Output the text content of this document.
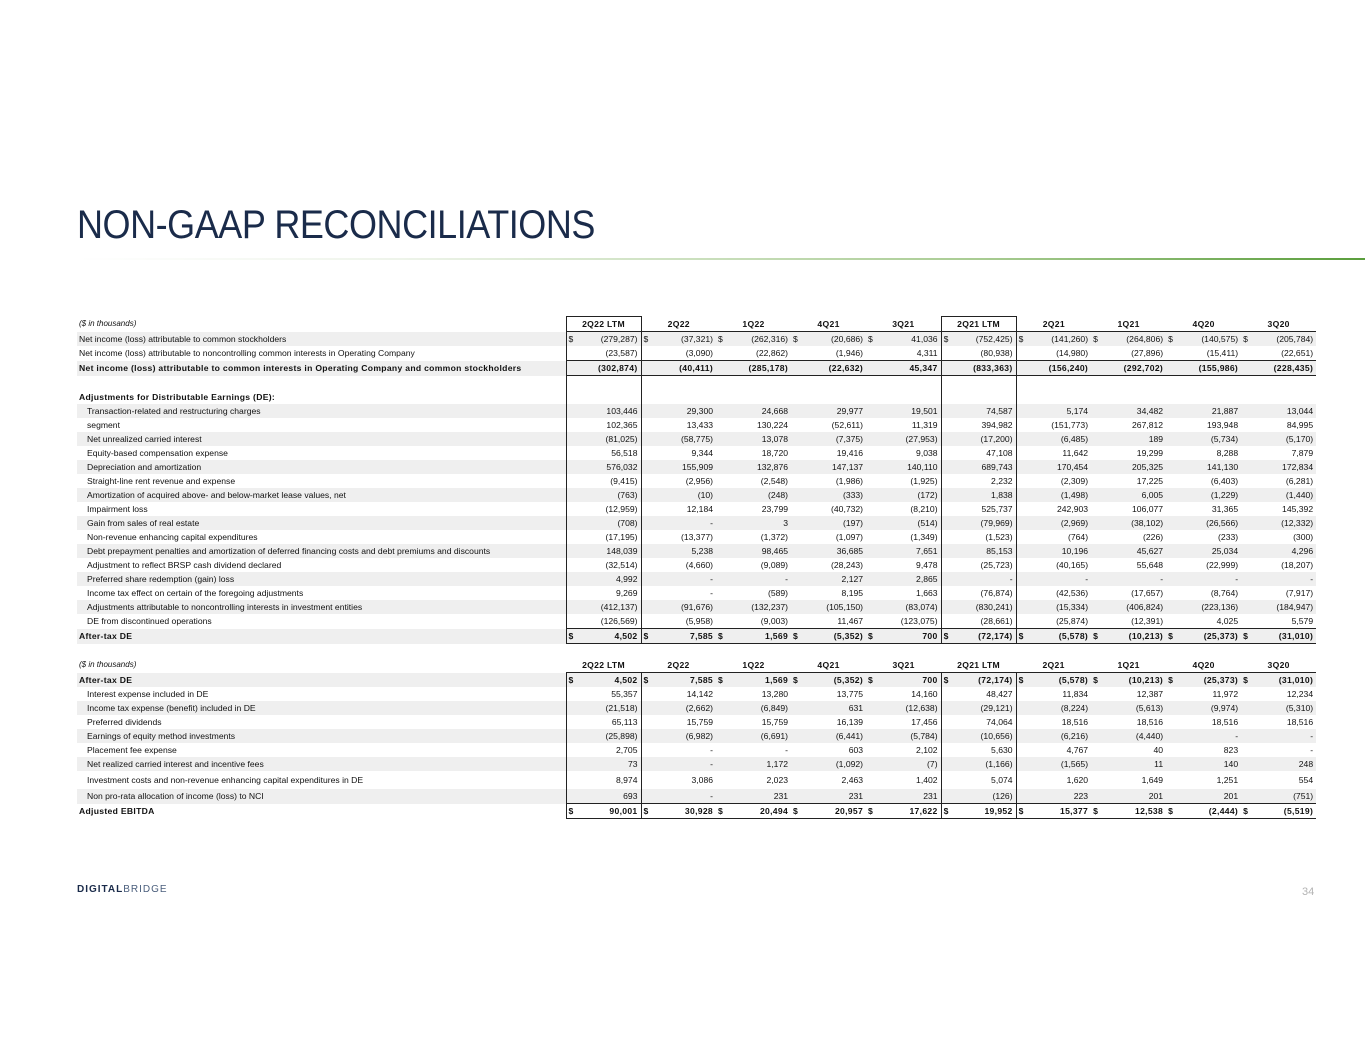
NON-GAAP RECONCILIATIONS
($ in thousands)	2Q22 LTM		2Q22		1Q22		4Q21		3Q21		2Q21 LTM		2Q21		1Q21		4Q20		3Q20	
Net income (loss) attributable to common stockholders	$	(279,287)	$	(37,321)	$	(262,316)	$	(20,686)	$	41,036	$	(752,425)	$	(141,260)	$	(264,806)	$	(140,575)	$	(205,784)
Net income (loss) attributable to noncontrolling common interests in Operating Company		(23,587)		(3,090)		(22,862)		(1,946)		4,311		(80,938)		(14,980)		(27,896)		(15,411)		(22,651)
Net income (loss) attributable to common interests in Operating Company and common stockholders		(302,874)		(40,411)		(285,178)		(22,632)		45,347		(833,363)		(156,240)		(292,702)		(155,986)		(228,435)

Adjustments for Distributable Earnings (DE):																				
Transaction-related and restructuring charges		103,446		29,300		24,668		29,977		19,501		74,587		5,174		34,482		21,887		13,044
segment		102,365		13,433		130,224		(52,611)		11,319		394,982		(151,773)		267,812		193,948		84,995
Net unrealized carried interest		(81,025)		(58,775)		13,078		(7,375)		(27,953)		(17,200)		(6,485)		189		(5,734)		(5,170)
Equity-based compensation expense		56,518		9,344		18,720		19,416		9,038		47,108		11,642		19,299		8,288		7,879
Depreciation and amortization		576,032		155,909		132,876		147,137		140,110		689,743		170,454		205,325		141,130		172,834
Straight-line rent revenue and expense		(9,415)		(2,956)		(2,548)		(1,986)		(1,925)		2,232		(2,309)		17,225		(6,403)		(6,281)
Amortization of acquired above- and below-market lease values, net		(763)		(10)		(248)		(333)		(172)		1,838		(1,498)		6,005		(1,229)		(1,440)
Impairment loss		(12,959)		12,184		23,799		(40,732)		(8,210)		525,737		242,903		106,077		31,365		145,392
Gain from sales of real estate		(708)		-		3		(197)		(514)		(79,969)		(2,969)		(38,102)		(26,566)		(12,332)
Non-revenue enhancing capital expenditures		(17,195)		(13,377)		(1,372)		(1,097)		(1,349)		(1,523)		(764)		(226)		(233)		(300)
Debt prepayment penalties and amortization of deferred financing costs and debt premiums and discounts		148,039		5,238		98,465		36,685		7,651		85,153		10,196		45,627		25,034		4,296
Adjustment to reflect BRSP cash dividend declared		(32,514)		(4,660)		(9,089)		(28,243)		9,478		(25,723)		(40,165)		55,648		(22,999)		(18,207)
Preferred share redemption (gain) loss		4,992		-		-		2,127		2,865		-		-		-		-		-
Income tax effect on certain of the foregoing adjustments		9,269		-		(589)		8,195		1,663		(76,874)		(42,536)		(17,657)		(8,764)		(7,917)
Adjustments attributable to noncontrolling interests in investment entities		(412,137)		(91,676)		(132,237)		(105,150)		(83,074)		(830,241)		(15,334)		(406,824)		(223,136)		(184,947)
DE from discontinued operations		(126,569)		(5,958)		(9,003)		11,467		(123,075)		(28,661)		(25,874)		(12,391)		4,025		5,579
After-tax DE	$	4,502	$	7,585	$	1,569	$	(5,352)	$	700	$	(72,174)	$	(5,578)	$	(10,213)	$	(25,373)	$	(31,010)

($ in thousands)	2Q22 LTM		2Q22		1Q22		4Q21		3Q21		2Q21 LTM		2Q21		1Q21		4Q20		3Q20	
After-tax DE	$	4,502	$	7,585	$	1,569	$	(5,352)	$	700	$	(72,174)	$	(5,578)	$	(10,213)	$	(25,373)	$	(31,010)
Interest expense included in DE		55,357		14,142		13,280		13,775		14,160		48,427		11,834		12,387		11,972		12,234
Income tax expense (benefit) included in DE		(21,518)		(2,662)		(6,849)		631		(12,638)		(29,121)		(8,224)		(5,613)		(9,974)		(5,310)
Preferred dividends		65,113		15,759		15,759		16,139		17,456		74,064		18,516		18,516		18,516		18,516
Earnings of equity method investments		(25,898)		(6,982)		(6,691)		(6,441)		(5,784)		(10,656)		(6,216)		(4,440)		-		-
Placement fee expense		2,705		-		-		603		2,102		5,630		4,767		40		823		-
Net realized carried interest and incentive fees		73		-		1,172		(1,092)		(7)		(1,166)		(1,565)		11		140		248
Investment costs and non-revenue enhancing capital expenditures in DE		8,974		3,086		2,023		2,463		1,402		5,074		1,620		1,649		1,251		554
Non pro-rata allocation of income (loss) to NCI		693		-		231		231		231		(126)		223		201		201		(751)
Adjusted EBITDA	$	90,001	$	30,928	$	20,494	$	20,957	$	17,622	$	19,952	$	15,377	$	12,538	$	(2,444)	$	(5,519)
DIGITALBRIDGE	34
